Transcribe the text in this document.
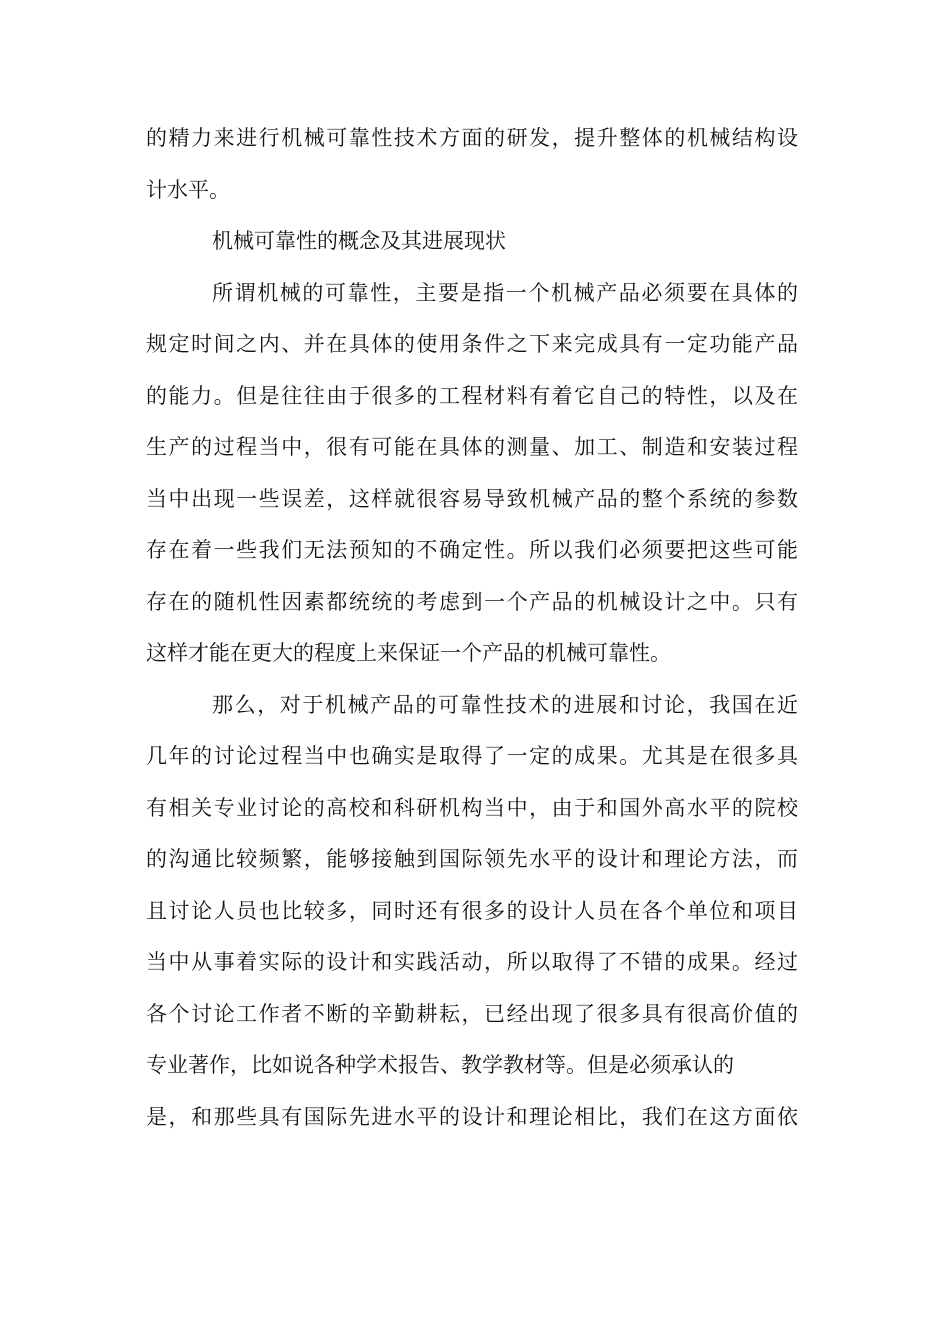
的精力来进行机械可靠性技术方面的研发，提升整体的机械结构设
计水平。
机械可靠性的概念及其进展现状
所谓机械的可靠性，主要是指一个机械产品必须要在具体的
规定时间之内、并在具体的使用条件之下来完成具有一定功能产品
的能力。但是往往由于很多的工程材料有着它自己的特性，以及在
生产的过程当中，很有可能在具体的测量、加工、制造和安装过程
当中出现一些误差，这样就很容易导致机械产品的整个系统的参数
存在着一些我们无法预知的不确定性。所以我们必须要把这些可能
存在的随机性因素都统统的考虑到一个产品的机械设计之中。只有
这样才能在更大的程度上来保证一个产品的机械可靠性。
那么，对于机械产品的可靠性技术的进展和讨论，我国在近
几年的讨论过程当中也确实是取得了一定的成果。尤其是在很多具
有相关专业讨论的高校和科研机构当中，由于和国外高水平的院校
的沟通比较频繁，能够接触到国际领先水平的设计和理论方法，而
且讨论人员也比较多，同时还有很多的设计人员在各个单位和项目
当中从事着实际的设计和实践活动，所以取得了不错的成果。经过
各个讨论工作者不断的辛勤耕耘，已经出现了很多具有很高价值的
专业著作，比如说各种学术报告、教学教材等。但是必须承认的
是，和那些具有国际先进水平的设计和理论相比，我们在这方面依
